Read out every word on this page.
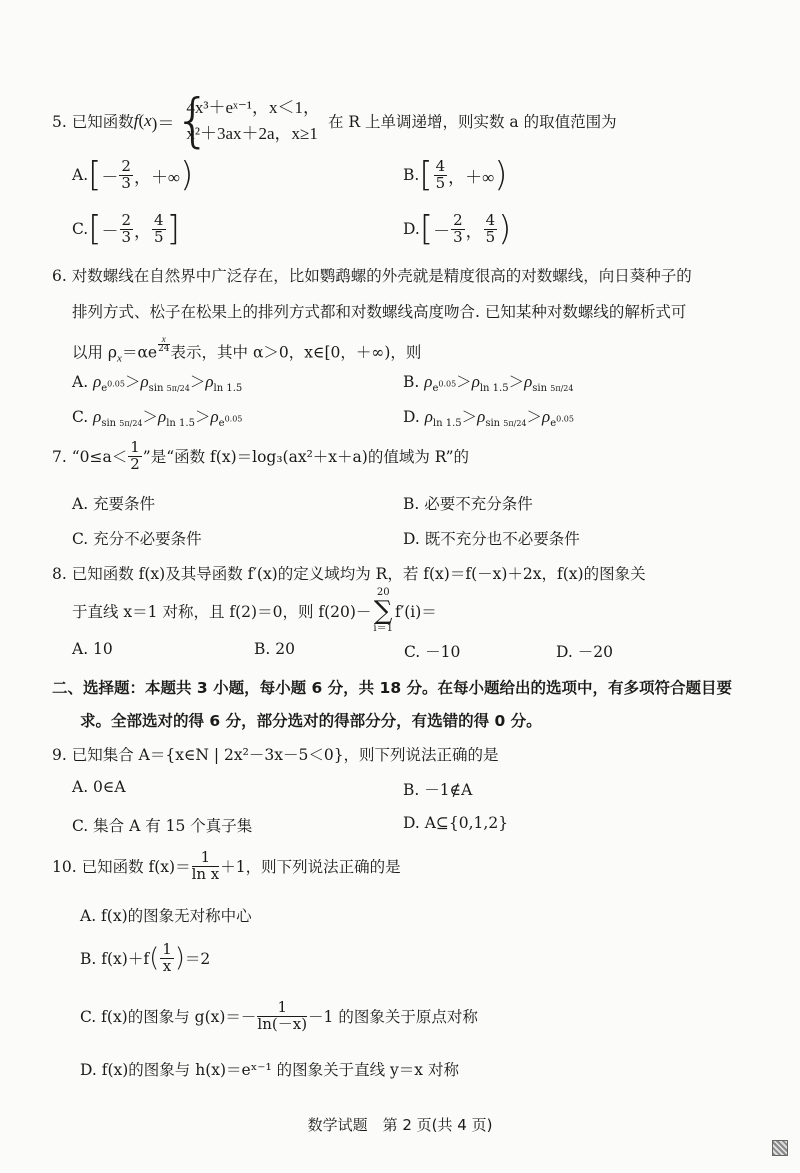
5. 已知函数 f ( x )＝ {
4x³＋eˣ⁻¹，x＜1，
x²＋3ax＋2a，x≥1
在 R 上单调递增，则实数 a 的取值范围为
A. [ － $\frac{2}{3}$ ， ＋∞ )	B. [ $\frac{4}{5}$ ， ＋∞ )
C. [ － $\frac{2}{3}$ ， $\frac{4}{5}$ ]	D. [ － $\frac{2}{3}$ ， $\frac{4}{5}$ )
6. 对数螺线在自然界中广泛存在，比如鹦鹉螺的外壳就是精度很高的对数螺线，向日葵种子的
排列方式、松子在松果上的排列方式都和对数螺线高度吻合. 已知某种对数螺线的解析式可
以用 $\rho_x=\alpha e$ $^{\frac{x}{24}}$ 表示，其中 α＞0，x∈[0，＋∞)，则
A. $\rho_{e^{0.05}}>\rho_{sin 5\pi/24}>\rho_{ln 1.5}$	B. $\rho_{e^{0.05}}>\rho_{ln 1.5}>\rho_{sin 5\pi/24}$
C. $\rho_{sin 5\pi/24}>\rho_{ln 1.5}>\rho_{e^{0.05}}$	D. $\rho_{ln 1.5}>\rho_{sin 5\pi/24}>\rho_{e^{0.05}}$
7. “$0\le a< \frac{1}{2}$ ”是“函数 f(x)＝log₃(ax²＋x＋a)的值域为 R”的
A. 充要条件	B. 必要不充分条件
C. 充分不必要条件	D. 既不充分也不必要条件
8. 已知函数 f(x)及其导函数 f′(x)的定义域均为 R，若 f(x)＝f(－x)＋2x，f(x)的图象关
于直线 x＝1 对称，且 f(2)＝0，则 f(20)－
20
∑
i＝1
f′(i)＝
A. 10	B. 20	C. －10	D. －20
二、选择题：本题共 3 小题，每小题 6 分，共 18 分。在每小题给出的选项中，有多项符合题目要
求。全部选对的得 6 分，部分选对的得部分分，有选错的得 0 分。
9. 已知集合 A＝{x∈N | 2x²－3x－5＜0}，则下列说法正确的是
A. 0∈A	B. －1∉A
C. 集合 A 有 15 个真子集	D. A⊆{0,1,2}
10. 已知函数 $f(x)= \frac{1}{\text{ln x}} +1$，则下列说法正确的是
A. f(x)的图象无对称中心
B. f(x)＋f ( $\frac{1}{x}$ ) ＝2
C. f(x)的图象与 $g(x)=- \frac{1}{\ln(-x)} -1$ 的图象关于原点对称
D. f(x)的图象与 h(x)＝eˣ⁻¹ 的图象关于直线 y＝x 对称
数学试题　第 2 页(共 4 页)
